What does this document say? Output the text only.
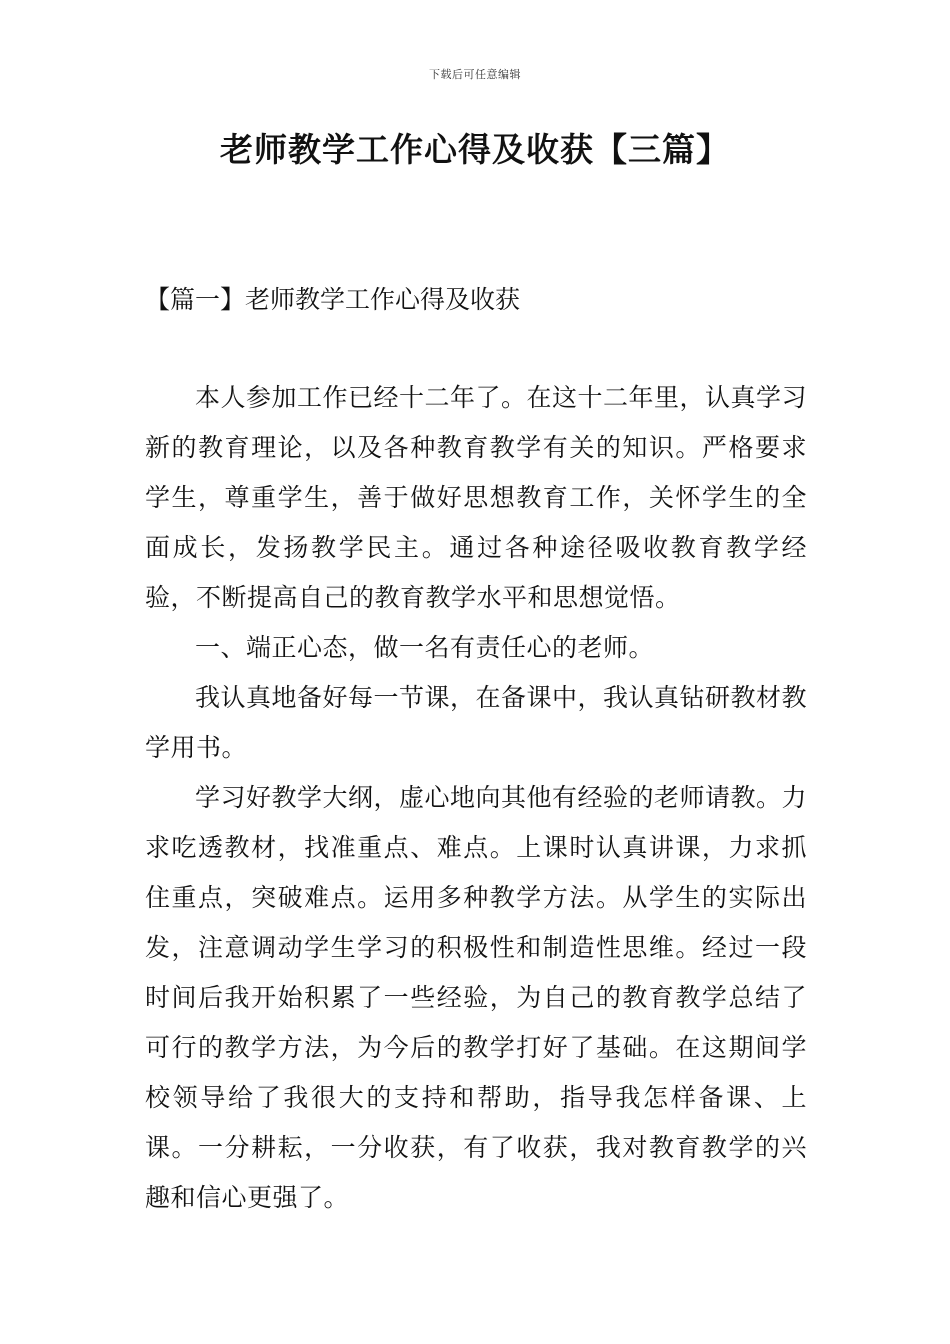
下载后可任意编辑
老师教学工作心得及收获【三篇】
【篇一】老师教学工作心得及收获

本人参加工作已经十二年了。在这十二年里，认真学习新的教育理论，以及各种教育教学有关的知识。严格要求学生，尊重学生，善于做好思想教育工作，关怀学生的全面成长，发扬教学民主。通过各种途径吸收教育教学经验，不断提高自己的教育教学水平和思想觉悟。

一、端正心态，做一名有责任心的老师。

我认真地备好每一节课，在备课中，我认真钻研教材教学用书。

学习好教学大纲，虚心地向其他有经验的老师请教。力求吃透教材，找准重点、难点。上课时认真讲课，力求抓住重点，突破难点。运用多种教学方法。从学生的实际出发，注意调动学生学习的积极性和制造性思维。经过一段时间后我开始积累了一些经验，为自己的教育教学总结了可行的教学方法，为今后的教学打好了基础。在这期间学校领导给了我很大的支持和帮助，指导我怎样备课、上课。一分耕耘，一分收获，有了收获，我对教育教学的兴趣和信心更强了。
